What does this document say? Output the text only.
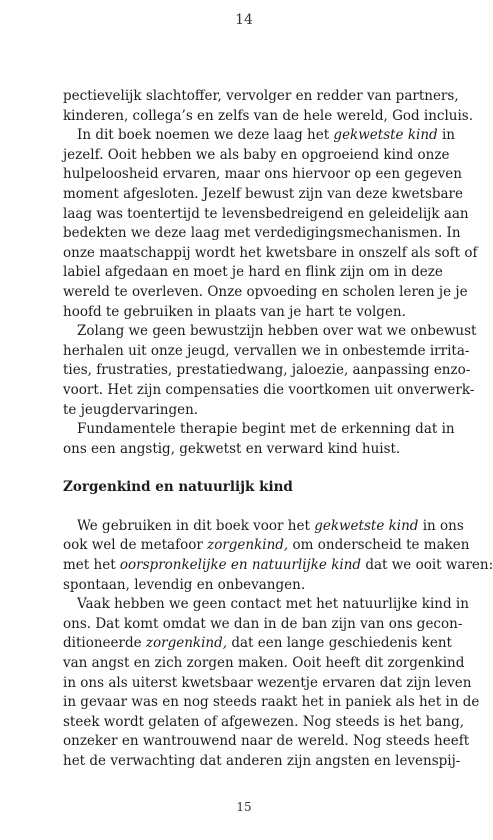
14
pectievelijk slachtoffer, vervolger en redder van partners,
kinderen, collega’s en zelfs van de hele wereld, God incluis.
In dit boek noemen we deze laag het gekwetste kind in
jezelf. Ooit hebben we als baby en opgroeiend kind onze
hulpeloosheid ervaren, maar ons hiervoor op een gegeven
moment afgesloten. Jezelf bewust zijn van deze kwetsbare
laag was toentertijd te levensbedreigend en geleidelijk aan
bedekten we deze laag met verdedigingsmechanismen. In
onze maatschappij wordt het kwetsbare in onszelf als soft of
labiel afgedaan en moet je hard en flink zijn om in deze
wereld te overleven. Onze opvoeding en scholen leren je je
hoofd te gebruiken in plaats van je hart te volgen.
Zolang we geen bewustzijn hebben over wat we onbewust
herhalen uit onze jeugd, vervallen we in onbestemde irrita-
ties, frustraties, prestatiedwang, jaloezie, aanpassing enzo-
voort. Het zijn compensaties die voortkomen uit onverwerk-
te jeugdervaringen.
Fundamentele therapie begint met de erkenning dat in
ons een angstig, gekwetst en verward kind huist.
Zorgenkind en natuurlijk kind
We gebruiken in dit boek voor het gekwetste kind in ons
ook wel de metafoor zorgenkind, om onderscheid te maken
met het oorspronkelijke en natuurlijke kind dat we ooit waren:
spontaan, levendig en onbevangen.
Vaak hebben we geen contact met het natuurlijke kind in
ons. Dat komt omdat we dan in de ban zijn van ons gecon-
ditioneerde zorgenkind, dat een lange geschiedenis kent
van angst en zich zorgen maken. Ooit heeft dit zorgenkind
in ons als uiterst kwetsbaar wezentje ervaren dat zijn leven
in gevaar was en nog steeds raakt het in paniek als het in de
steek wordt gelaten of afgewezen. Nog steeds is het bang,
onzeker en wantrouwend naar de wereld. Nog steeds heeft
het de verwachting dat anderen zijn angsten en levenspij-
15
